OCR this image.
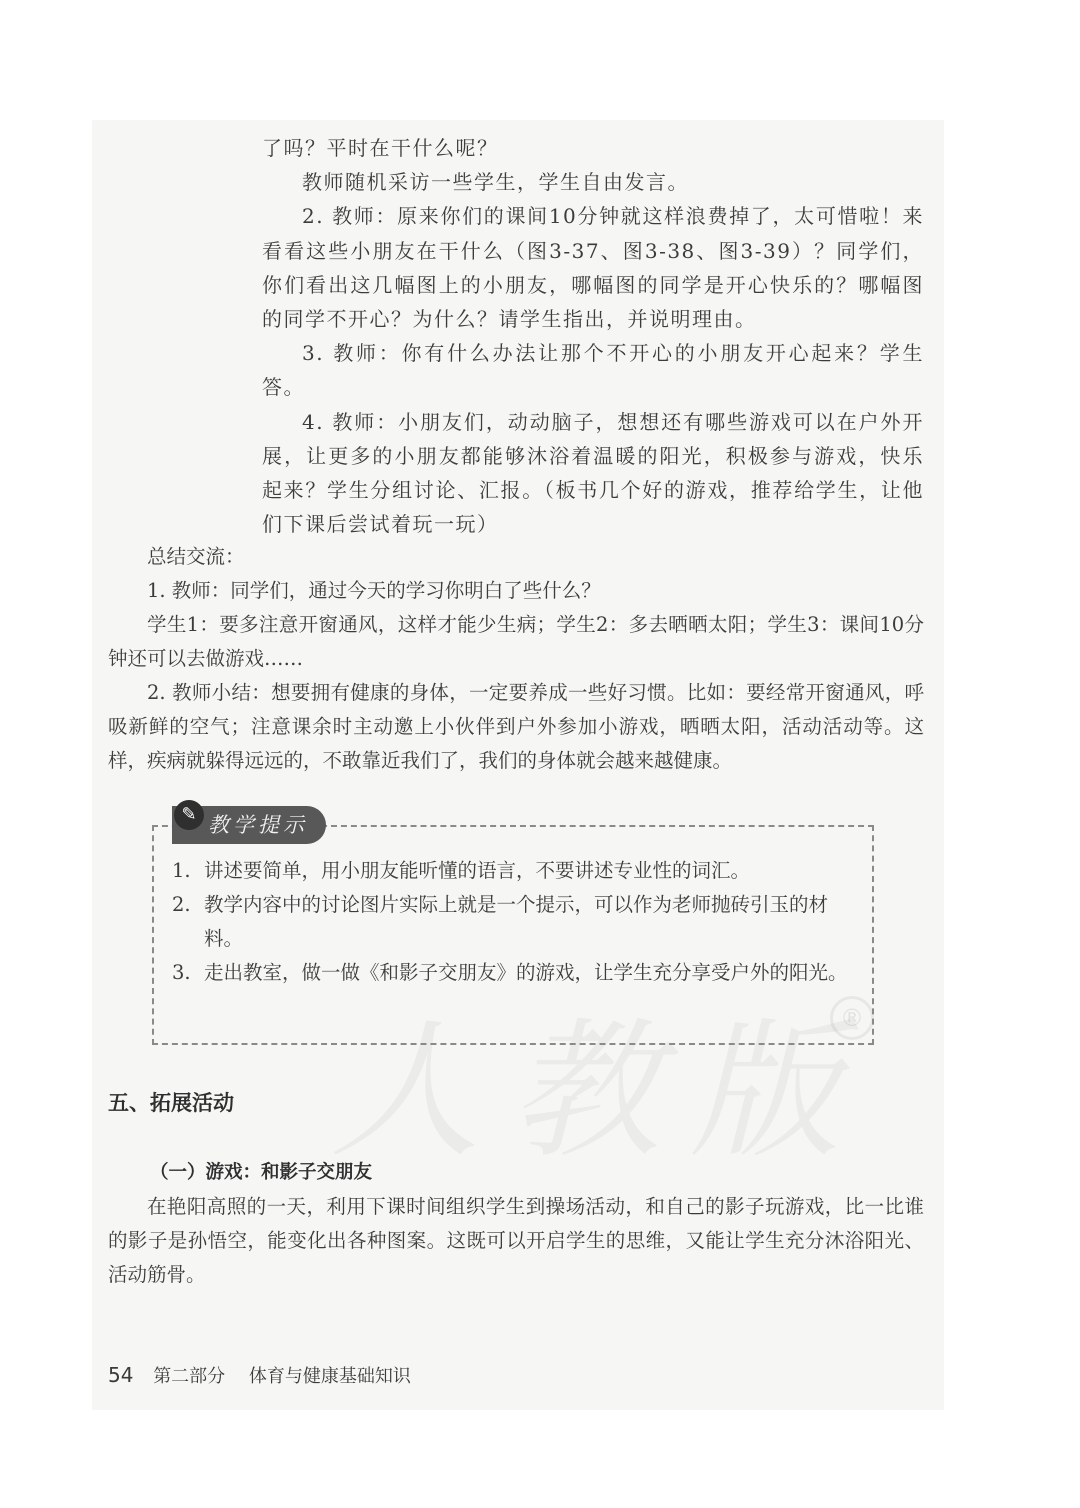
®

了吗？平时在干什么呢？

教师随机采访一些学生，学生自由发言。

2. 教师：原来你们的课间10分钟就这样浪费掉了，太可惜啦！来看看这些小朋友在干什么（图3-37、图3-38、图3-39）？同学们，你们看出这几幅图上的小朋友，哪幅图的同学是开心快乐的？哪幅图的同学不开心？为什么？请学生指出，并说明理由。

3. 教师：你有什么办法让那个不开心的小朋友开心起来？学生答。

4. 教师：小朋友们，动动脑子，想想还有哪些游戏可以在户外开展，让更多的小朋友都能够沐浴着温暖的阳光，积极参与游戏，快乐起来？学生分组讨论、汇报。（板书几个好的游戏，推荐给学生，让他们下课后尝试着玩一玩）

总结交流：

1. 教师：同学们，通过今天的学习你明白了些什么？

学生1：要多注意开窗通风，这样才能少生病；学生2：多去晒晒太阳；学生3：课间10分钟还可以去做游戏……

2. 教师小结：想要拥有健康的身体，一定要养成一些好习惯。比如：要经常开窗通风，呼吸新鲜的空气；注意课余时主动邀上小伙伴到户外参加小游戏，晒晒太阳，活动活动等。这样，疾病就躲得远远的，不敢靠近我们了，我们的身体就会越来越健康。

教学提示
✎
1. 讲述要简单，用小朋友能听懂的语言，不要讲述专业性的词汇。
2. 教学内容中的讨论图片实际上就是一个提示，可以作为老师抛砖引玉的材料。
3. 走出教室，做一做《和影子交朋友》的游戏，让学生充分享受户外的阳光。
五、拓展活动
（一）游戏：和影子交朋友

在艳阳高照的一天，利用下课时间组织学生到操场活动，和自己的影子玩游戏，比一比谁的影子是孙悟空，能变化出各种图案。这既可以开启学生的思维，又能让学生充分沐浴阳光、活动筋骨。

54 第二部分 体育与健康基础知识
